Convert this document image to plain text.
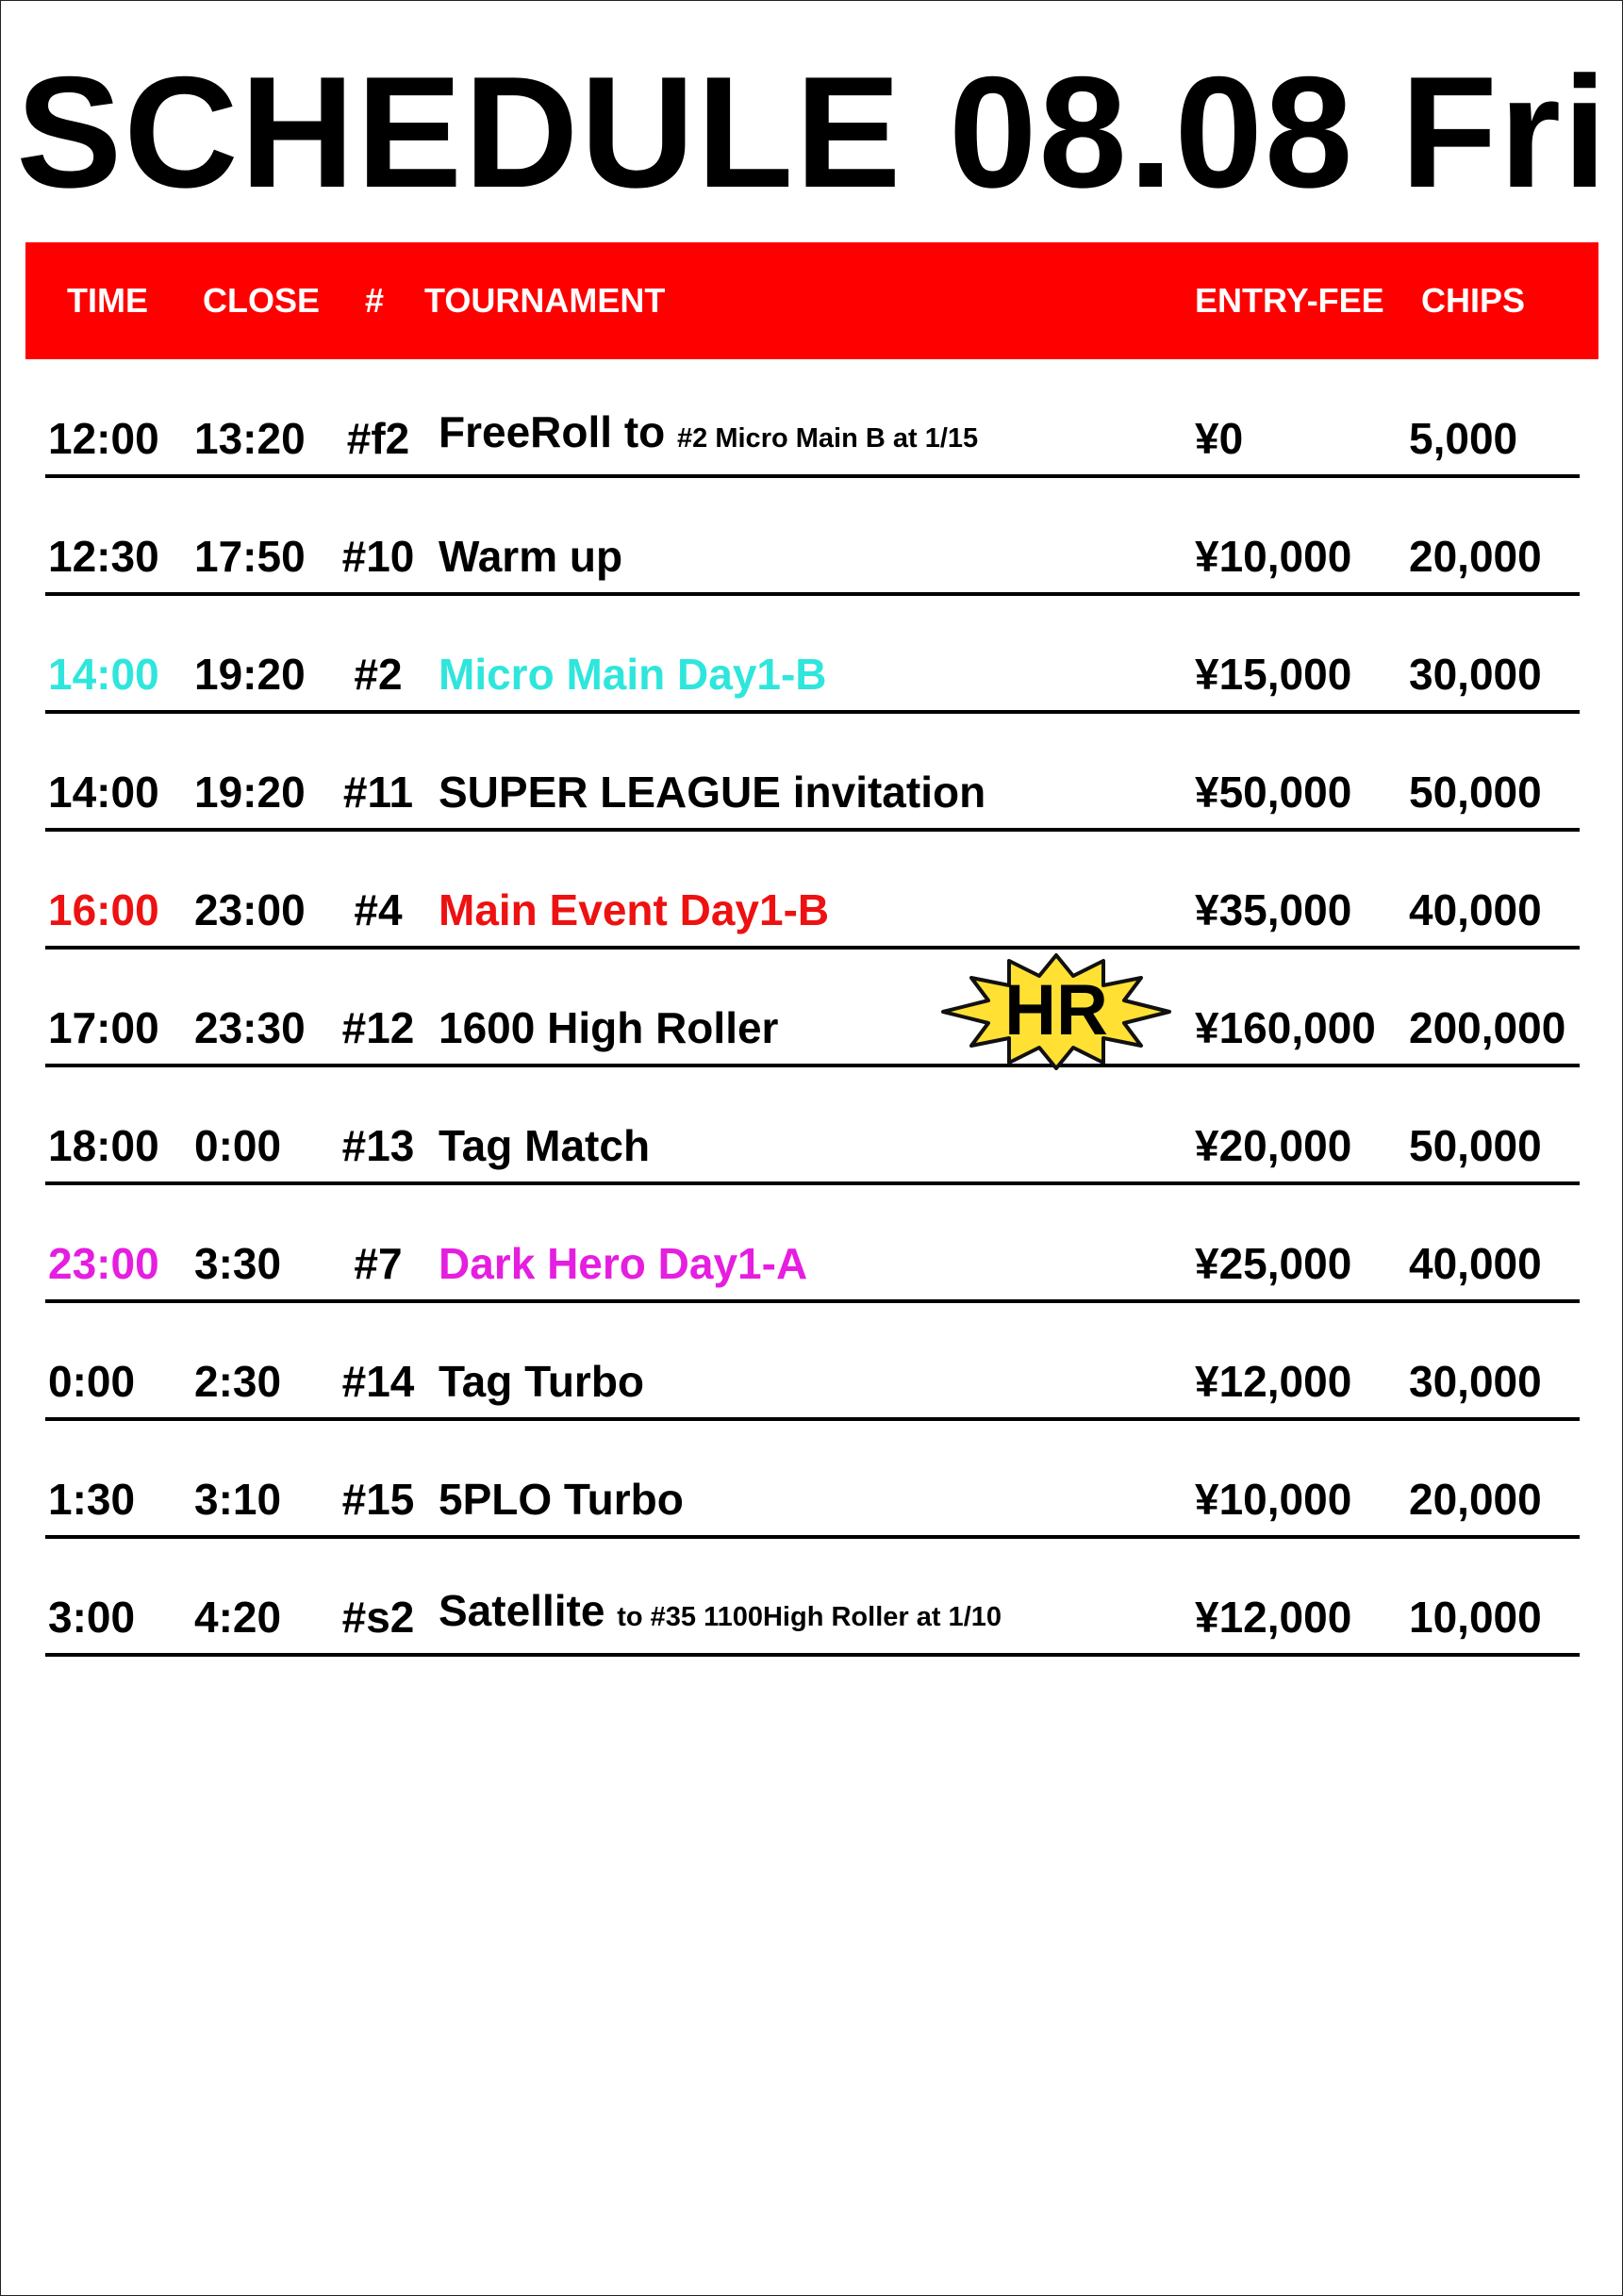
SCHEDULE 08.08 Fri
TIME CLOSE # TOURNAMENT	ENTRY-FEE CHIPS
12:00 13:20 #f2 FreeRoll to #2 Micro Main B at 1/15	¥0	5,000
12:30 17:50 #10 Warm up	¥10,000 20,000
14:00 19:20	#2 Micro Main Day1-B	¥15,000 30,000
14:00 19:20 #11 SUPER LEAGUE invitation	¥50,000 50,000
16:00 23:00	#4 Main Event Day1-B	¥35,000 40,000
17:00 23:30 #12 1600 High Roller	¥160,000 200,000
18:00 0:00 #13 Tag Match	¥20,000 50,000
23:00 3:30	#7 Dark Hero Day1-A	¥25,000 40,000
0:00 2:30 #14 Tag Turbo	¥12,000 30,000
1:30 3:10 #15 5PLO Turbo	¥10,000 20,000
3:00 4:20 #s2 Satellite to #35 1100High Roller at 1/10	¥12,000 10,000
HR
